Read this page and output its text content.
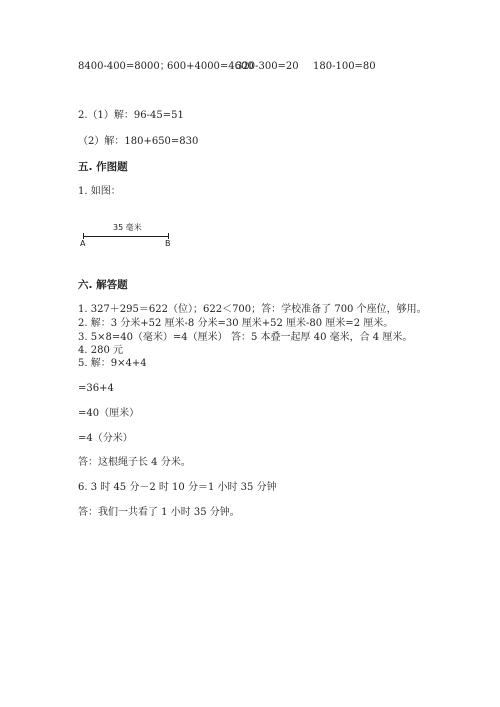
8400-400=8000；
600+4000=4600
320-300=20 180-100=80
2.（1）解：96-45=51
（2）解：180+650=830
五. 作图题
1. 如图：
35 毫米
A	B
六. 解答题
1. 327＋295＝622（位）；622＜700；答：学校准备了 700 个座位，够用。
2. 解：3 分米+52 厘米-8 分米=30 厘米+52 厘米-80 厘米=2 厘米。
3. 5×8=40（毫米）=4（厘米） 答：5 本叠一起厚 40 毫米，合 4 厘米。
4. 280 元
5. 解：9×4+4
=36+4
=40（厘米）
=4（分米）
答：这根绳子长 4 分米。
6. 3 时 45 分－2 时 10 分＝1 小时 35 分钟
答：我们一共看了 1 小时 35 分钟。
